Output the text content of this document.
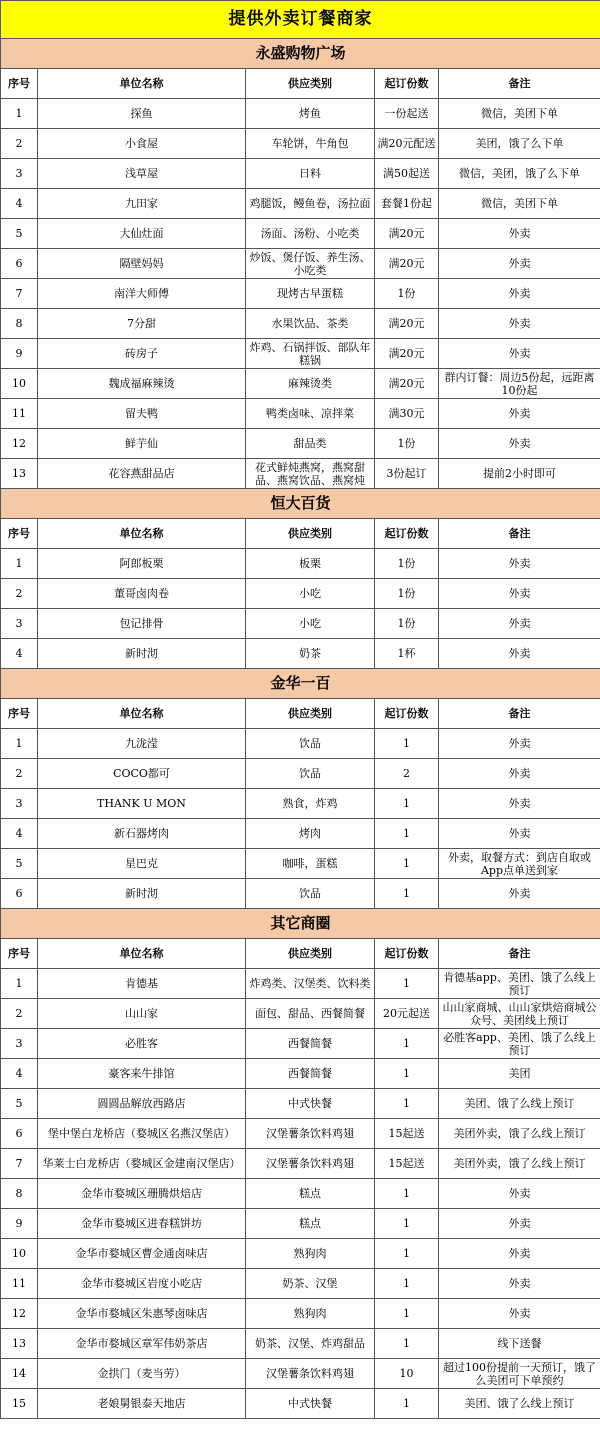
提供外卖订餐商家				
永盛购物广场				
序号	单位名称	供应类别	起订份数	备注
1	探鱼	烤鱼	一份起送	微信，美团下单
2	小食屋	车轮饼，牛角包	满20元配送	美团，饿了么下单
3	浅草屋	日料	满50起送	微信，美团，饿了么下单
4	九田家	鸡腿饭，鳗鱼卷，汤拉面	套餐1份起	微信，美团下单
5	大仙灶面	汤面、汤粉、小吃类	满20元	外卖
6	隔壁妈妈	炒饭、煲仔饭、养生汤、小吃类	满20元	外卖
7	南洋大师傅	现烤古早蛋糕	1份	外卖
8	7分甜	水果饮品、茶类	满20元	外卖
9	砖房子	炸鸡、石锅拌饭、部队年糕锅	满20元	外卖
10	魏成福麻辣烫	麻辣烫类	满20元	群内订餐：周边5份起，远距离10份起
11	留夫鸭	鸭类卤味、凉拌菜	满30元	外卖
12	鲜芋仙	甜品类	1份	外卖
13	花容燕甜品店	花式鲜炖燕窝，燕窝甜品、燕窝饮品、燕窝炖	3份起订	提前2小时即可
恒大百货				
序号	单位名称	供应类别	起订份数	备注
1	阿郎板栗	板栗	1份	外卖
2	董哥卤肉卷	小吃	1份	外卖
3	包记排骨	小吃	1份	外卖
4	新时沏	奶茶	1杯	外卖
金华一百				
序号	单位名称	供应类别	起订份数	备注
1	九泷滢	饮品	1	外卖
2	COCO都可	饮品	2	外卖
3	THANK U MON	熟食，炸鸡	1	外卖
4	新石器烤肉	烤肉	1	外卖
5	星巴克	咖啡，蛋糕	1	外卖，取餐方式：到店自取或App点单送到家
6	新时沏	饮品	1	外卖
其它商圈				
序号	单位名称	供应类别	起订份数	备注
1	肯德基	炸鸡类、汉堡类、饮料类	1	肯德基app、美团、饿了么线上预订
2	山山家	面包、甜品、西餐简餐	20元起送	山山家商城、山山家烘焙商城公众号、美团线上预订
3	必胜客	西餐简餐	1	必胜客app、美团、饿了么线上预订
4	豪客来牛排馆	西餐简餐	1	美团
5	圆圆品解放西路店	中式快餐	1	美团、饿了么线上预订
6	堡中堡白龙桥店（婺城区名燕汉堡店）	汉堡薯条饮料鸡翅	15起送	美团外卖，饿了么线上预订
7	华莱士白龙桥店（婺城区金建南汉堡店）	汉堡薯条饮料鸡翅	15起送	美团外卖，饿了么线上预订
8	金华市婺城区珊腾烘焙店	糕点	1	外卖
9	金华市婺城区进春糕饼坊	糕点	1	外卖
10	金华市婺城区曹金通卤味店	熟狗肉	1	外卖
11	金华市婺城区岩度小吃店	奶茶、汉堡	1	外卖
12	金华市婺城区朱惠琴卤味店	熟狗肉	1	外卖
13	金华市婺城区章军伟奶茶店	奶茶、汉堡、炸鸡甜品	1	线下送餐
14	金拱门（麦当劳）	汉堡薯条饮料鸡翅	10	超过100份提前一天预订，饿了么美团可下单预约
15	老娘舅银泰天地店	中式快餐	1	美团、饿了么线上预订
